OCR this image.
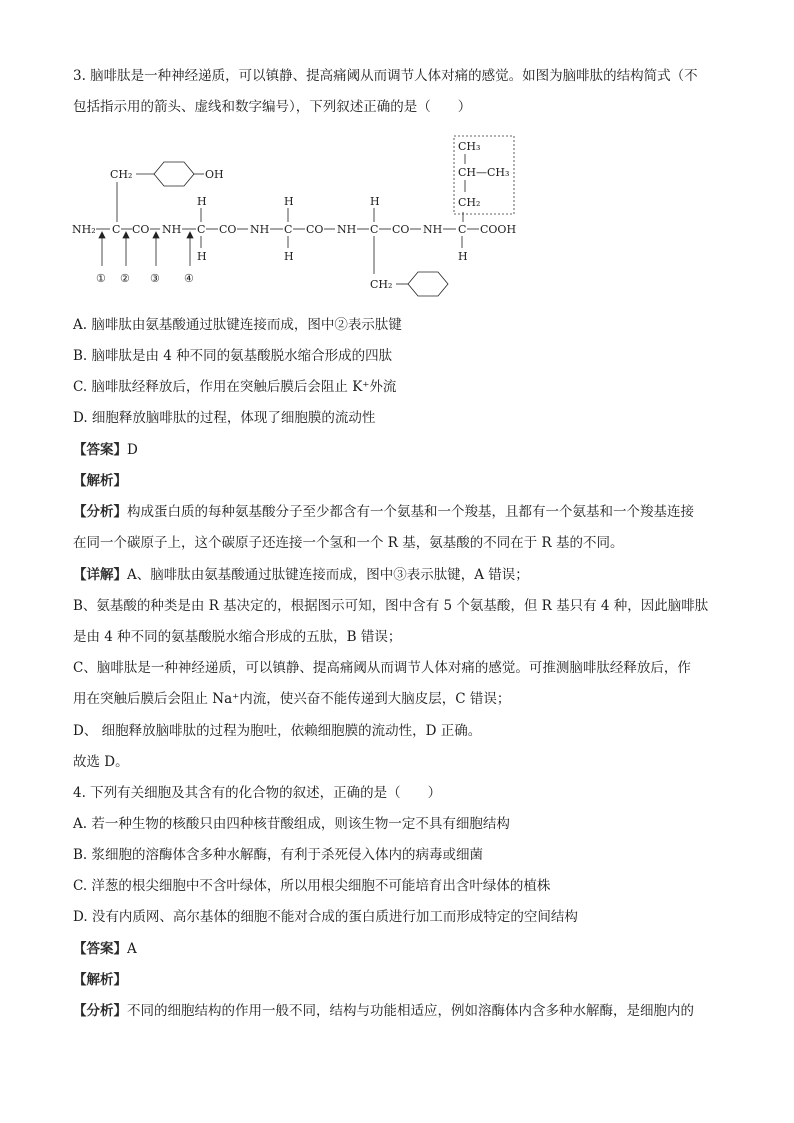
3. 脑啡肽是一种神经递质，可以镇静、提高痛阈从而调节人体对痛的感觉。如图为脑啡肽的结构简式（不
包括指示用的箭头、虚线和数字编号），下列叙述正确的是（　　）
CH₃
CH—CH₃
CH₂
CH₂	OH
H	H	H
NH₂ C CO NH C CO NH C CO NH C CO NH C COOH
H	H	H
CH₂
① ② ③ ④
A. 脑啡肽由氨基酸通过肽键连接而成，图中②表示肽键
B. 脑啡肽是由 4 种不同的氨基酸脱水缩合形成的四肽
C. 脑啡肽经释放后，作用在突触后膜后会阻止 K⁺外流
D. 细胞释放脑啡肽的过程，体现了细胞膜的流动性
【答案】D
【解析】
【分析】构成蛋白质的每种氨基酸分子至少都含有一个氨基和一个羧基，且都有一个氨基和一个羧基连接
在同一个碳原子上，这个碳原子还连接一个氢和一个 R 基，氨基酸的不同在于 R 基的不同。
【详解】A、脑啡肽由氨基酸通过肽键连接而成，图中③表示肽键，A 错误；
B、氨基酸的种类是由 R 基决定的，根据图示可知，图中含有 5 个氨基酸，但 R 基只有 4 种，因此脑啡肽
是由 4 种不同的氨基酸脱水缩合形成的五肽，B 错误；
C、脑啡肽是一种神经递质，可以镇静、提高痛阈从而调节人体对痛的感觉。可推测脑啡肽经释放后，作
用在突触后膜后会阻止 Na⁺内流，使兴奋不能传递到大脑皮层，C 错误；
D、 细胞释放脑啡肽的过程为胞吐，依赖细胞膜的流动性，D 正确。
故选 D。
4. 下列有关细胞及其含有的化合物的叙述，正确的是（　　）
A. 若一种生物的核酸只由四种核苷酸组成，则该生物一定不具有细胞结构
B. 浆细胞的溶酶体含多种水解酶，有利于杀死侵入体内的病毒或细菌
C. 洋葱的根尖细胞中不含叶绿体，所以用根尖细胞不可能培育出含叶绿体的植株
D. 没有内质网、高尔基体的细胞不能对合成的蛋白质进行加工而形成特定的空间结构
【答案】A
【解析】
【分析】不同的细胞结构的作用一般不同，结构与功能相适应，例如溶酶体内含多种水解酶，是细胞内的
